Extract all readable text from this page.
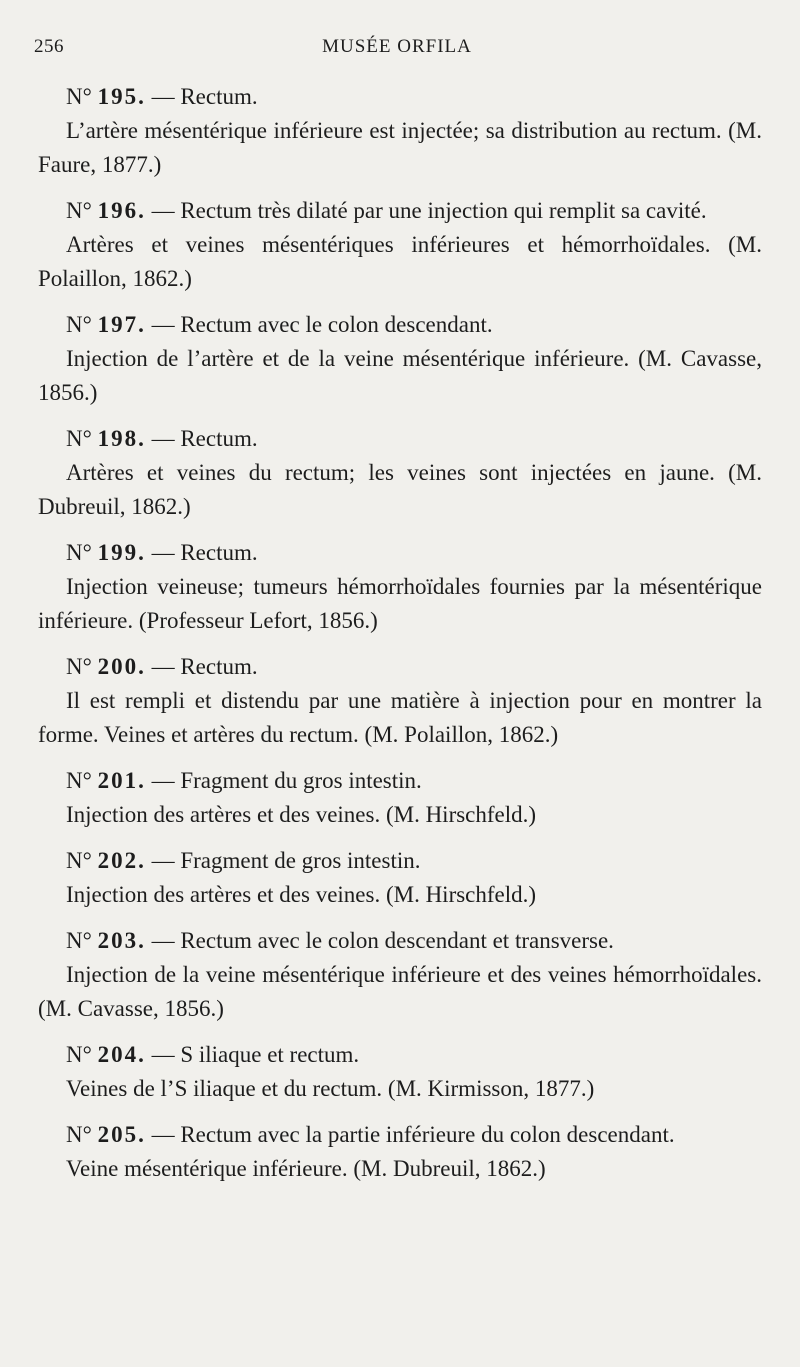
256	MUSÉE ORFILA

N° 195. — Rectum.

L’artère mésentérique inférieure est injectée; sa distribution au rectum. (M. Faure, 1877.)

N° 196. — Rectum très dilaté par une injection qui remplit sa cavité.

Artères et veines mésentériques inférieures et hémorrhoïdales. (M. Polaillon, 1862.)

N° 197. — Rectum avec le colon descendant.

Injection de l’artère et de la veine mésentérique inférieure. (M. Cavasse, 1856.)

N° 198. — Rectum.

Artères et veines du rectum; les veines sont injectées en jaune. (M. Dubreuil, 1862.)

N° 199. — Rectum.

Injection veineuse; tumeurs hémorrhoïdales fournies par la mésentérique inférieure. (Professeur Lefort, 1856.)

N° 200. — Rectum.

Il est rempli et distendu par une matière à injection pour en montrer la forme. Veines et artères du rectum. (M. Polaillon, 1862.)

N° 201. — Fragment du gros intestin.

Injection des artères et des veines. (M. Hirschfeld.)

N° 202. — Fragment de gros intestin.

Injection des artères et des veines. (M. Hirschfeld.)

N° 203. — Rectum avec le colon descendant et transverse.

Injection de la veine mésentérique inférieure et des veines hémorrhoïdales. (M. Cavasse, 1856.)

N° 204. — S iliaque et rectum.

Veines de l’S iliaque et du rectum. (M. Kirmisson, 1877.)

N° 205. — Rectum avec la partie inférieure du colon descendant.

Veine mésentérique inférieure. (M. Dubreuil, 1862.)
